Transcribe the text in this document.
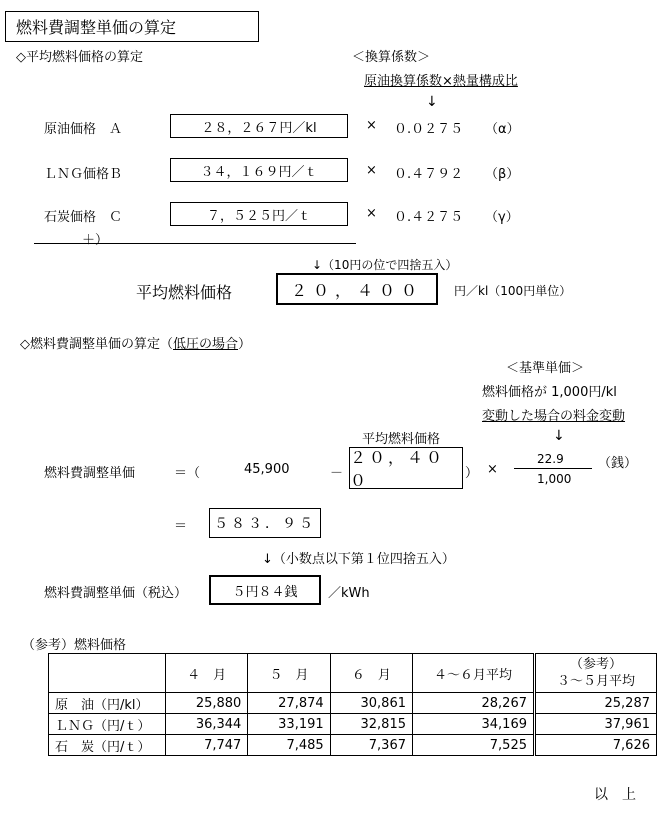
燃料費調整単価の算定
◇平均燃料価格の算定	＜換算係数＞
原油換算係数×熱量構成比
↓
原油価格　Ａ	２８，２６７円／kl	× ０.０２７５ （α）
ＬＮＧ価格Ｂ	３４，１６９円／ｔ	× ０.４７９２ （β）
石炭価格　Ｃ	７，５２５円／ｔ	× ０.４２７５ （γ）
＋）
↓（10円の位で四捨五入）
平均燃料価格	２０，４００	円／kl（100円単位）
◇燃料費調整単価の算定（低圧の場合）
＜基準単価＞
燃料価格が 1,000円/kl
変動した場合の料金変動
↓
平均燃料価格
燃料費調整単価	＝（	45,900	－
２０，４００	） ×
22.9
1,000
（銭）
＝	５８３．９５
↓（小数点以下第１位四捨五入）
燃料費調整単価（税込）	５円８４銭	／kWh
（参考）燃料価格
	４　月	５　月	６　月	４～６月平均	（参考）
３～５月平均
原　油（円/kl）	25,880	27,874	30,861	28,267	25,287
ＬＮＧ（円/ｔ）	36,344	33,191	32,815	34,169	37,961
石　炭（円/ｔ）	7,747	7,485	7,367	7,525	7,626
以　上
